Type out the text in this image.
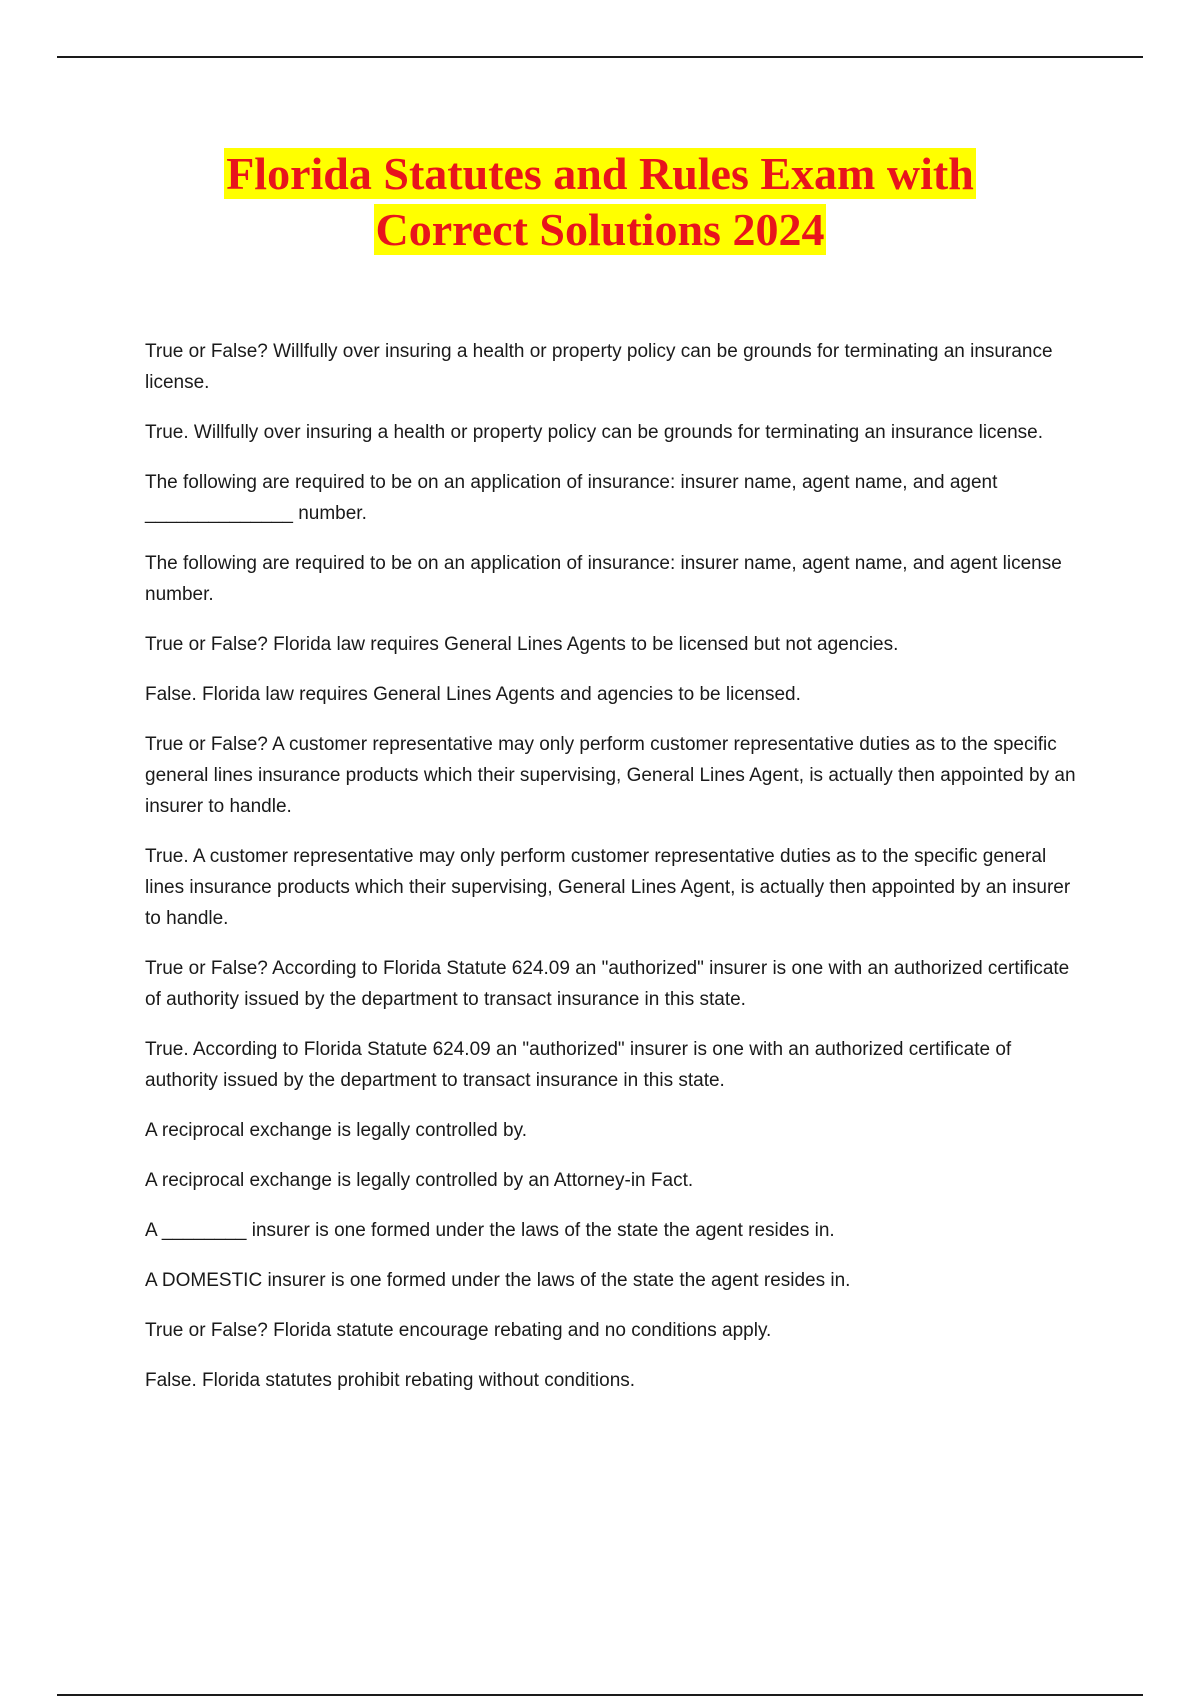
Florida Statutes and Rules Exam with
Correct Solutions 2024

True or False? Willfully over insuring a health or property policy can be grounds for terminating an insurance license.

True. Willfully over insuring a health or property policy can be grounds for terminating an insurance license.

The following are required to be on an application of insurance: insurer name, agent name, and agent ______________ number.

The following are required to be on an application of insurance: insurer name, agent name, and agent license number.

True or False? Florida law requires General Lines Agents to be licensed but not agencies.

False. Florida law requires General Lines Agents and agencies to be licensed.

True or False? A customer representative may only perform customer representative duties as to the specific general lines insurance products which their supervising, General Lines Agent, is actually then appointed by an insurer to handle.

True. A customer representative may only perform customer representative duties as to the specific general lines insurance products which their supervising, General Lines Agent, is actually then appointed by an insurer to handle.

True or False? According to Florida Statute 624.09 an "authorized" insurer is one with an authorized certificate of authority issued by the department to transact insurance in this state.

True. According to Florida Statute 624.09 an "authorized" insurer is one with an authorized certificate of authority issued by the department to transact insurance in this state.

A reciprocal exchange is legally controlled by.

A reciprocal exchange is legally controlled by an Attorney-in Fact.

A ________ insurer is one formed under the laws of the state the agent resides in.

A DOMESTIC insurer is one formed under the laws of the state the agent resides in.

True or False? Florida statute encourage rebating and no conditions apply.

False. Florida statutes prohibit rebating without conditions.
